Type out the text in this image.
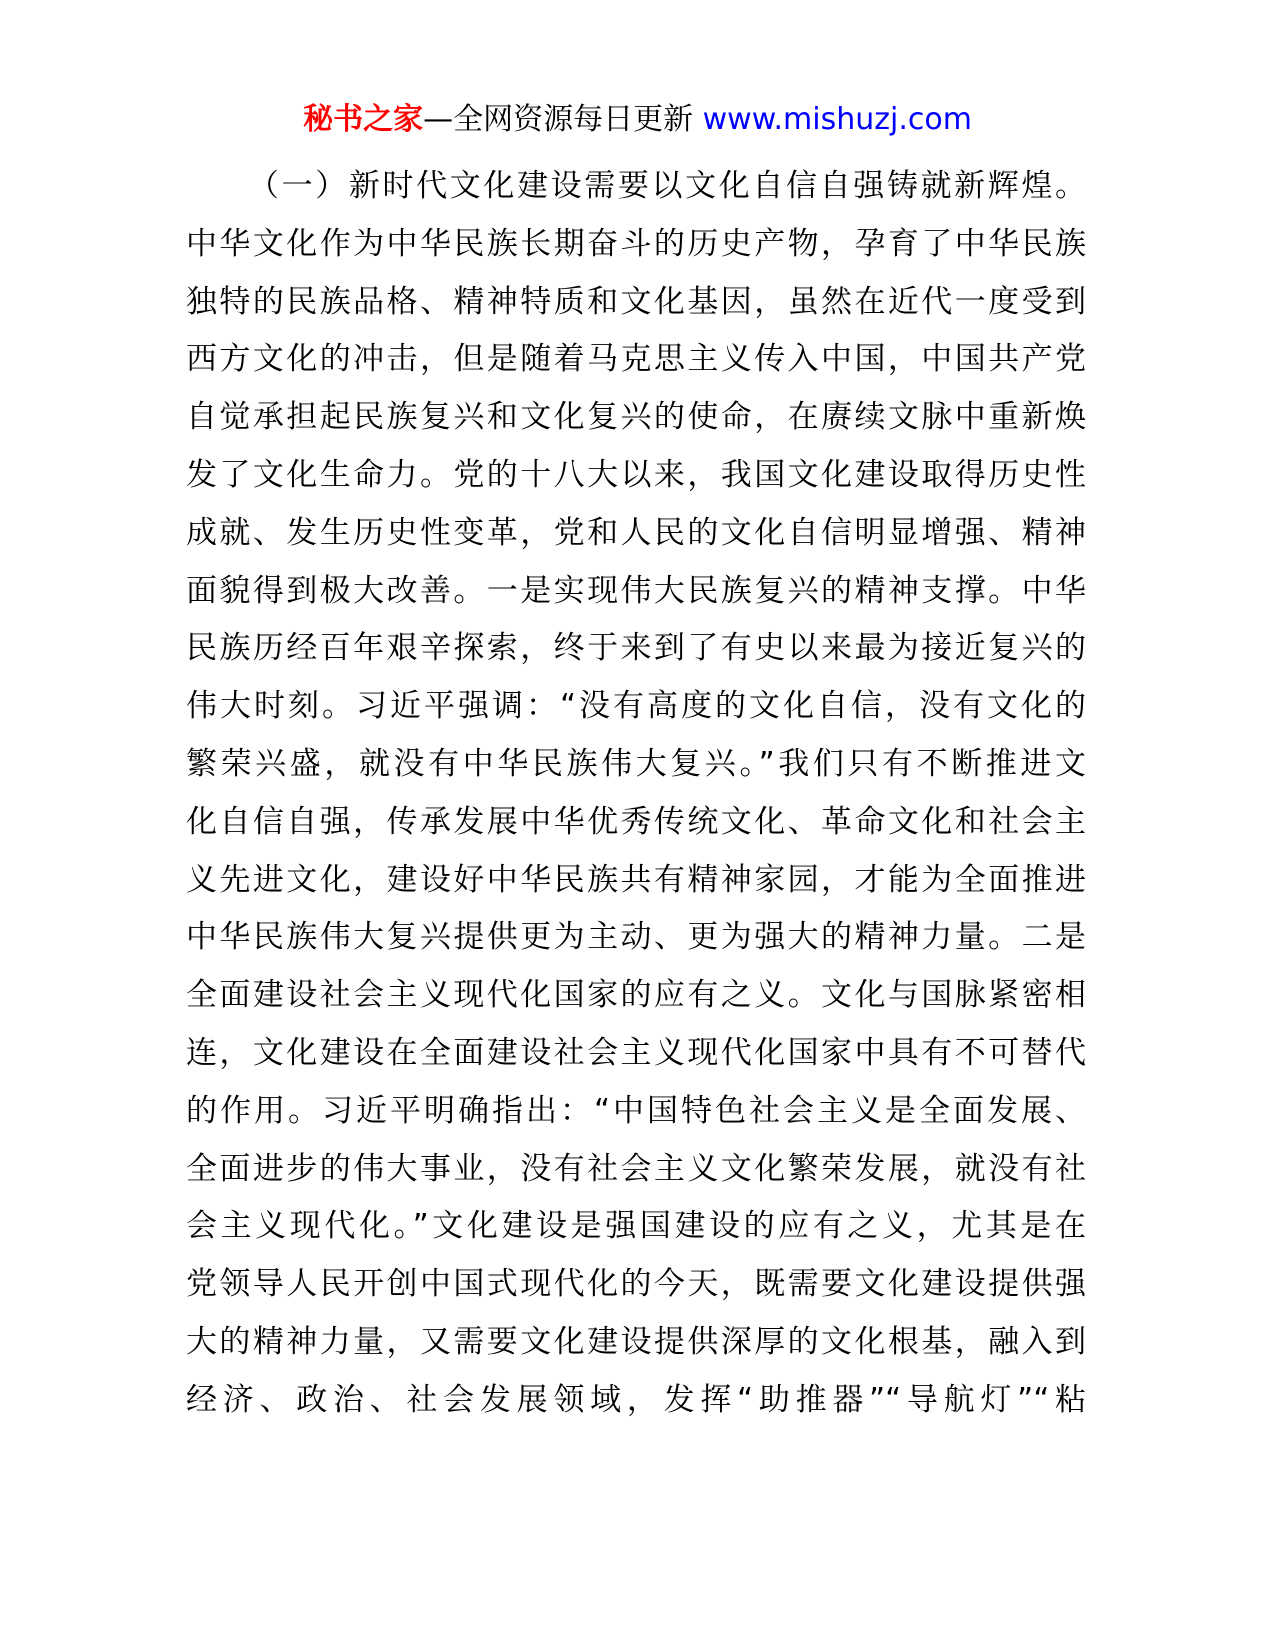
秘书之家—全网资源每日更新 www.mishuzj.com
（一）新时代文化建设需要以文化自信自强铸就新辉煌。
中华文化作为中华民族长期奋斗的历史产物，孕育了中华民族
独特的民族品格、精神特质和文化基因，虽然在近代一度受到
西方文化的冲击，但是随着马克思主义传入中国，中国共产党
自觉承担起民族复兴和文化复兴的使命，在赓续文脉中重新焕
发了文化生命力。党的十八大以来，我国文化建设取得历史性
成就、发生历史性变革，党和人民的文化自信明显增强、精神
面貌得到极大改善。一是实现伟大民族复兴的精神支撑。中华
民族历经百年艰辛探索，终于来到了有史以来最为接近复兴的
伟大时刻。习近平强调：“没有高度的文化自信，没有文化的
繁荣兴盛，就没有中华民族伟大复兴。”我们只有不断推进文
化自信自强，传承发展中华优秀传统文化、革命文化和社会主
义先进文化，建设好中华民族共有精神家园，才能为全面推进
中华民族伟大复兴提供更为主动、更为强大的精神力量。二是
全面建设社会主义现代化国家的应有之义。文化与国脉紧密相
连，文化建设在全面建设社会主义现代化国家中具有不可替代
的作用。习近平明确指出：“中国特色社会主义是全面发展、
全面进步的伟大事业，没有社会主义文化繁荣发展，就没有社
会主义现代化。”文化建设是强国建设的应有之义，尤其是在
党领导人民开创中国式现代化的今天，既需要文化建设提供强
大的精神力量，又需要文化建设提供深厚的文化根基，融入到
经济、政治、社会发展领域，发挥“助推器”“导航灯”“粘
